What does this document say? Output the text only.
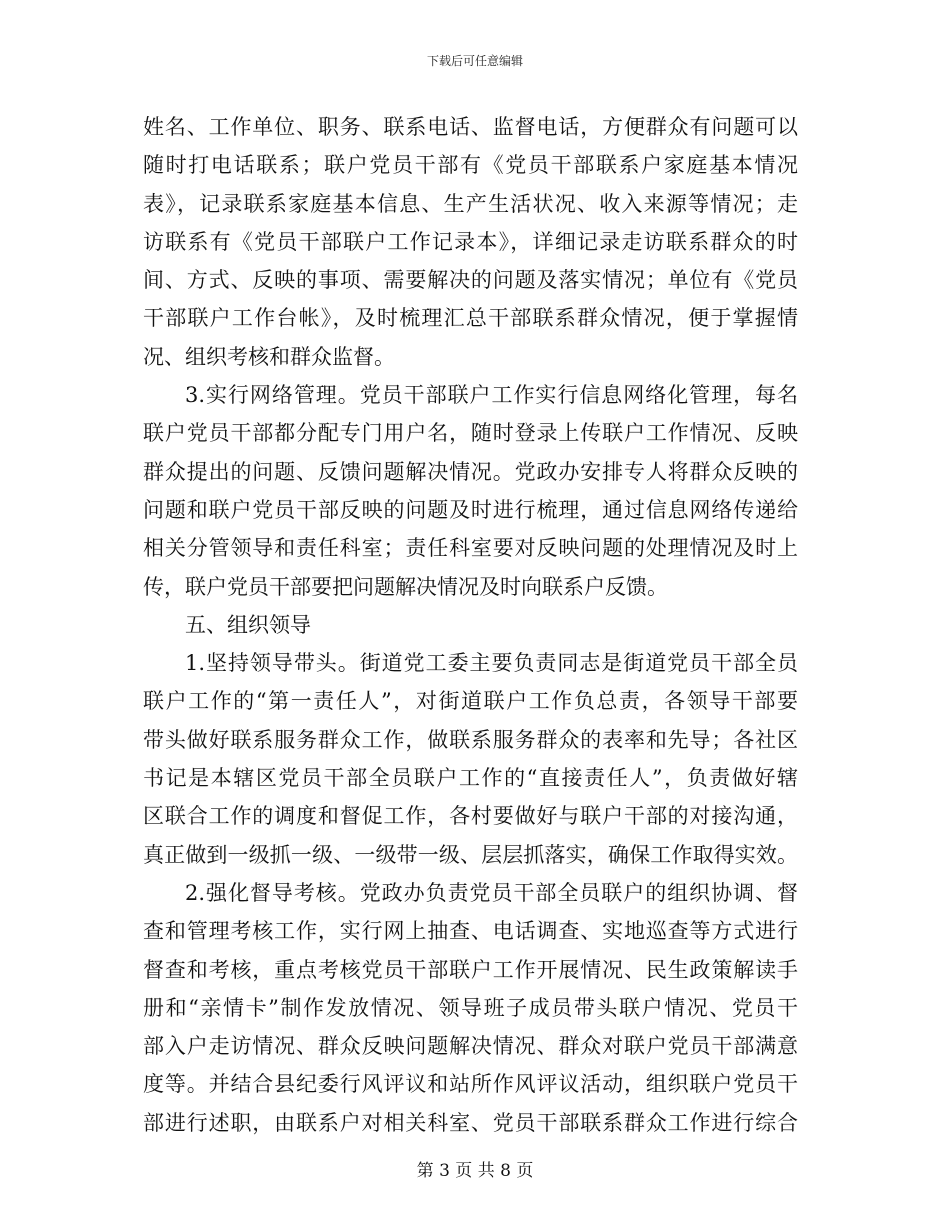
下载后可任意编辑
姓名、工作单位、职务、联系电话、监督电话，方便群众有问题可以
随时打电话联系；联户党员干部有《党员干部联系户家庭基本情况
表》，记录联系家庭基本信息、生产生活状况、收入来源等情况；走
访联系有《党员干部联户工作记录本》，详细记录走访联系群众的时
间、方式、反映的事项、需要解决的问题及落实情况；单位有《党员
干部联户工作台帐》，及时梳理汇总干部联系群众情况，便于掌握情
况、组织考核和群众监督。
3.实行网络管理。党员干部联户工作实行信息网络化管理，每名
联户党员干部都分配专门用户名，随时登录上传联户工作情况、反映
群众提出的问题、反馈问题解决情况。党政办安排专人将群众反映的
问题和联户党员干部反映的问题及时进行梳理，通过信息网络传递给
相关分管领导和责任科室；责任科室要对反映问题的处理情况及时上
传，联户党员干部要把问题解决情况及时向联系户反馈。
五、组织领导
1.坚持领导带头。街道党工委主要负责同志是街道党员干部全员
联户工作的“第一责任人”，对街道联户工作负总责，各领导干部要
带头做好联系服务群众工作，做联系服务群众的表率和先导；各社区
书记是本辖区党员干部全员联户工作的“直接责任人”，负责做好辖
区联合工作的调度和督促工作，各村要做好与联户干部的对接沟通，
真正做到一级抓一级、一级带一级、层层抓落实，确保工作取得实效。
2.强化督导考核。党政办负责党员干部全员联户的组织协调、督
查和管理考核工作，实行网上抽查、电话调查、实地巡查等方式进行
督查和考核，重点考核党员干部联户工作开展情况、民生政策解读手
册和“亲情卡”制作发放情况、领导班子成员带头联户情况、党员干
部入户走访情况、群众反映问题解决情况、群众对联户党员干部满意
度等。并结合县纪委行风评议和站所作风评议活动，组织联户党员干
部进行述职，由联系户对相关科室、党员干部联系群众工作进行综合
第 3 页 共 8 页
